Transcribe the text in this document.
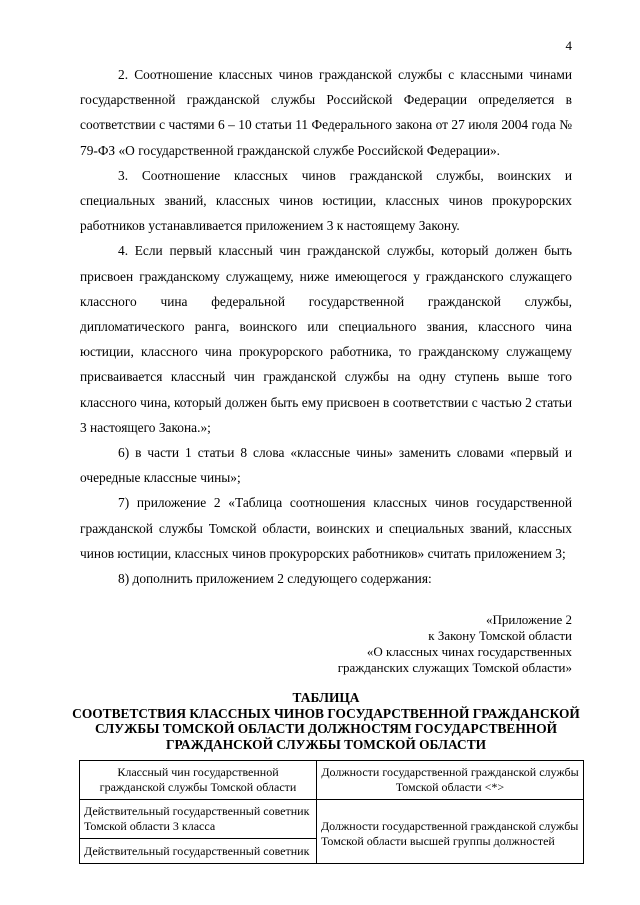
4

2. Соотношение классных чинов гражданской службы с классными чинами государственной гражданской службы Российской Федерации определяется в соответствии с частями 6 – 10 статьи 11 Федерального закона от 27 июля 2004 года № 79-ФЗ «О государственной гражданской службе Российской Федерации».

3. Соотношение классных чинов гражданской службы, воинских и специальных званий, классных чинов юстиции, классных чинов прокурорских работников устанавливается приложением 3 к настоящему Закону.

4. Если первый классный чин гражданской службы, который должен быть присвоен гражданскому служащему, ниже имеющегося у гражданского служащего классного чина федеральной государственной гражданской службы, дипломатического ранга, воинского или специального звания, классного чина юстиции, классного чина прокурорского работника, то гражданскому служащему присваивается классный чин гражданской службы на одну ступень выше того классного чина, который должен быть ему присвоен в соответствии с частью 2 статьи 3 настоящего Закона.»;

6) в части 1 статьи 8 слова «классные чины» заменить словами «первый и очередные классные чины»;

7) приложение 2 «Таблица соотношения классных чинов государственной гражданской службы Томской области, воинских и специальных званий, классных чинов юстиции, классных чинов прокурорских работников» считать приложением 3;

8) дополнить приложением 2 следующего содержания:

«Приложение 2
к Закону Томской области
«О классных чинах государственных
гражданских служащих Томской области»
ТАБЛИЦА
СООТВЕТСТВИЯ КЛАССНЫХ ЧИНОВ ГОСУДАРСТВЕННОЙ ГРАЖДАНСКОЙ
СЛУЖБЫ ТОМСКОЙ ОБЛАСТИ ДОЛЖНОСТЯМ ГОСУДАРСТВЕННОЙ
ГРАЖДАНСКОЙ СЛУЖБЫ ТОМСКОЙ ОБЛАСТИ
Классный чин государственной гражданской службы Томской области	Должности государственной гражданской службы Томской области <*>
Действительный государственный советник Томской области 3 класса	Должности государственной гражданской службы Томской области высшей группы должностей
Действительный государственный советник	
